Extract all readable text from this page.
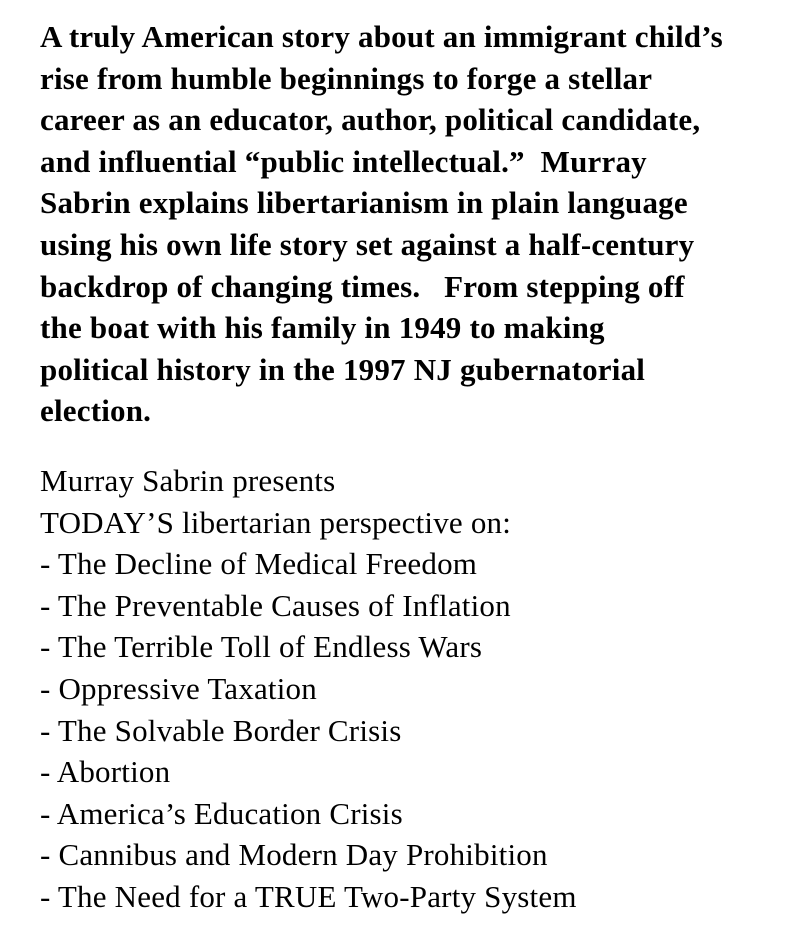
A truly American story about an immigrant child’s
rise from humble beginnings to forge a stellar
career as an educator, author, political candidate,
and influential “public intellectual.”  Murray
Sabrin explains libertarianism in plain language
using his own life story set against a half-century
backdrop of changing times.   From stepping off
the boat with his family in 1949 to making
political history in the 1997 NJ gubernatorial
election.
Murray Sabrin presents
TODAY’S libertarian perspective on:
- The Decline of Medical Freedom
- The Preventable Causes of Inflation
- The Terrible Toll of Endless Wars
- Oppressive Taxation
- The Solvable Border Crisis
- Abortion
- America’s Education Crisis
- Cannibus and Modern Day Prohibition
- The Need for a TRUE Two-Party System
